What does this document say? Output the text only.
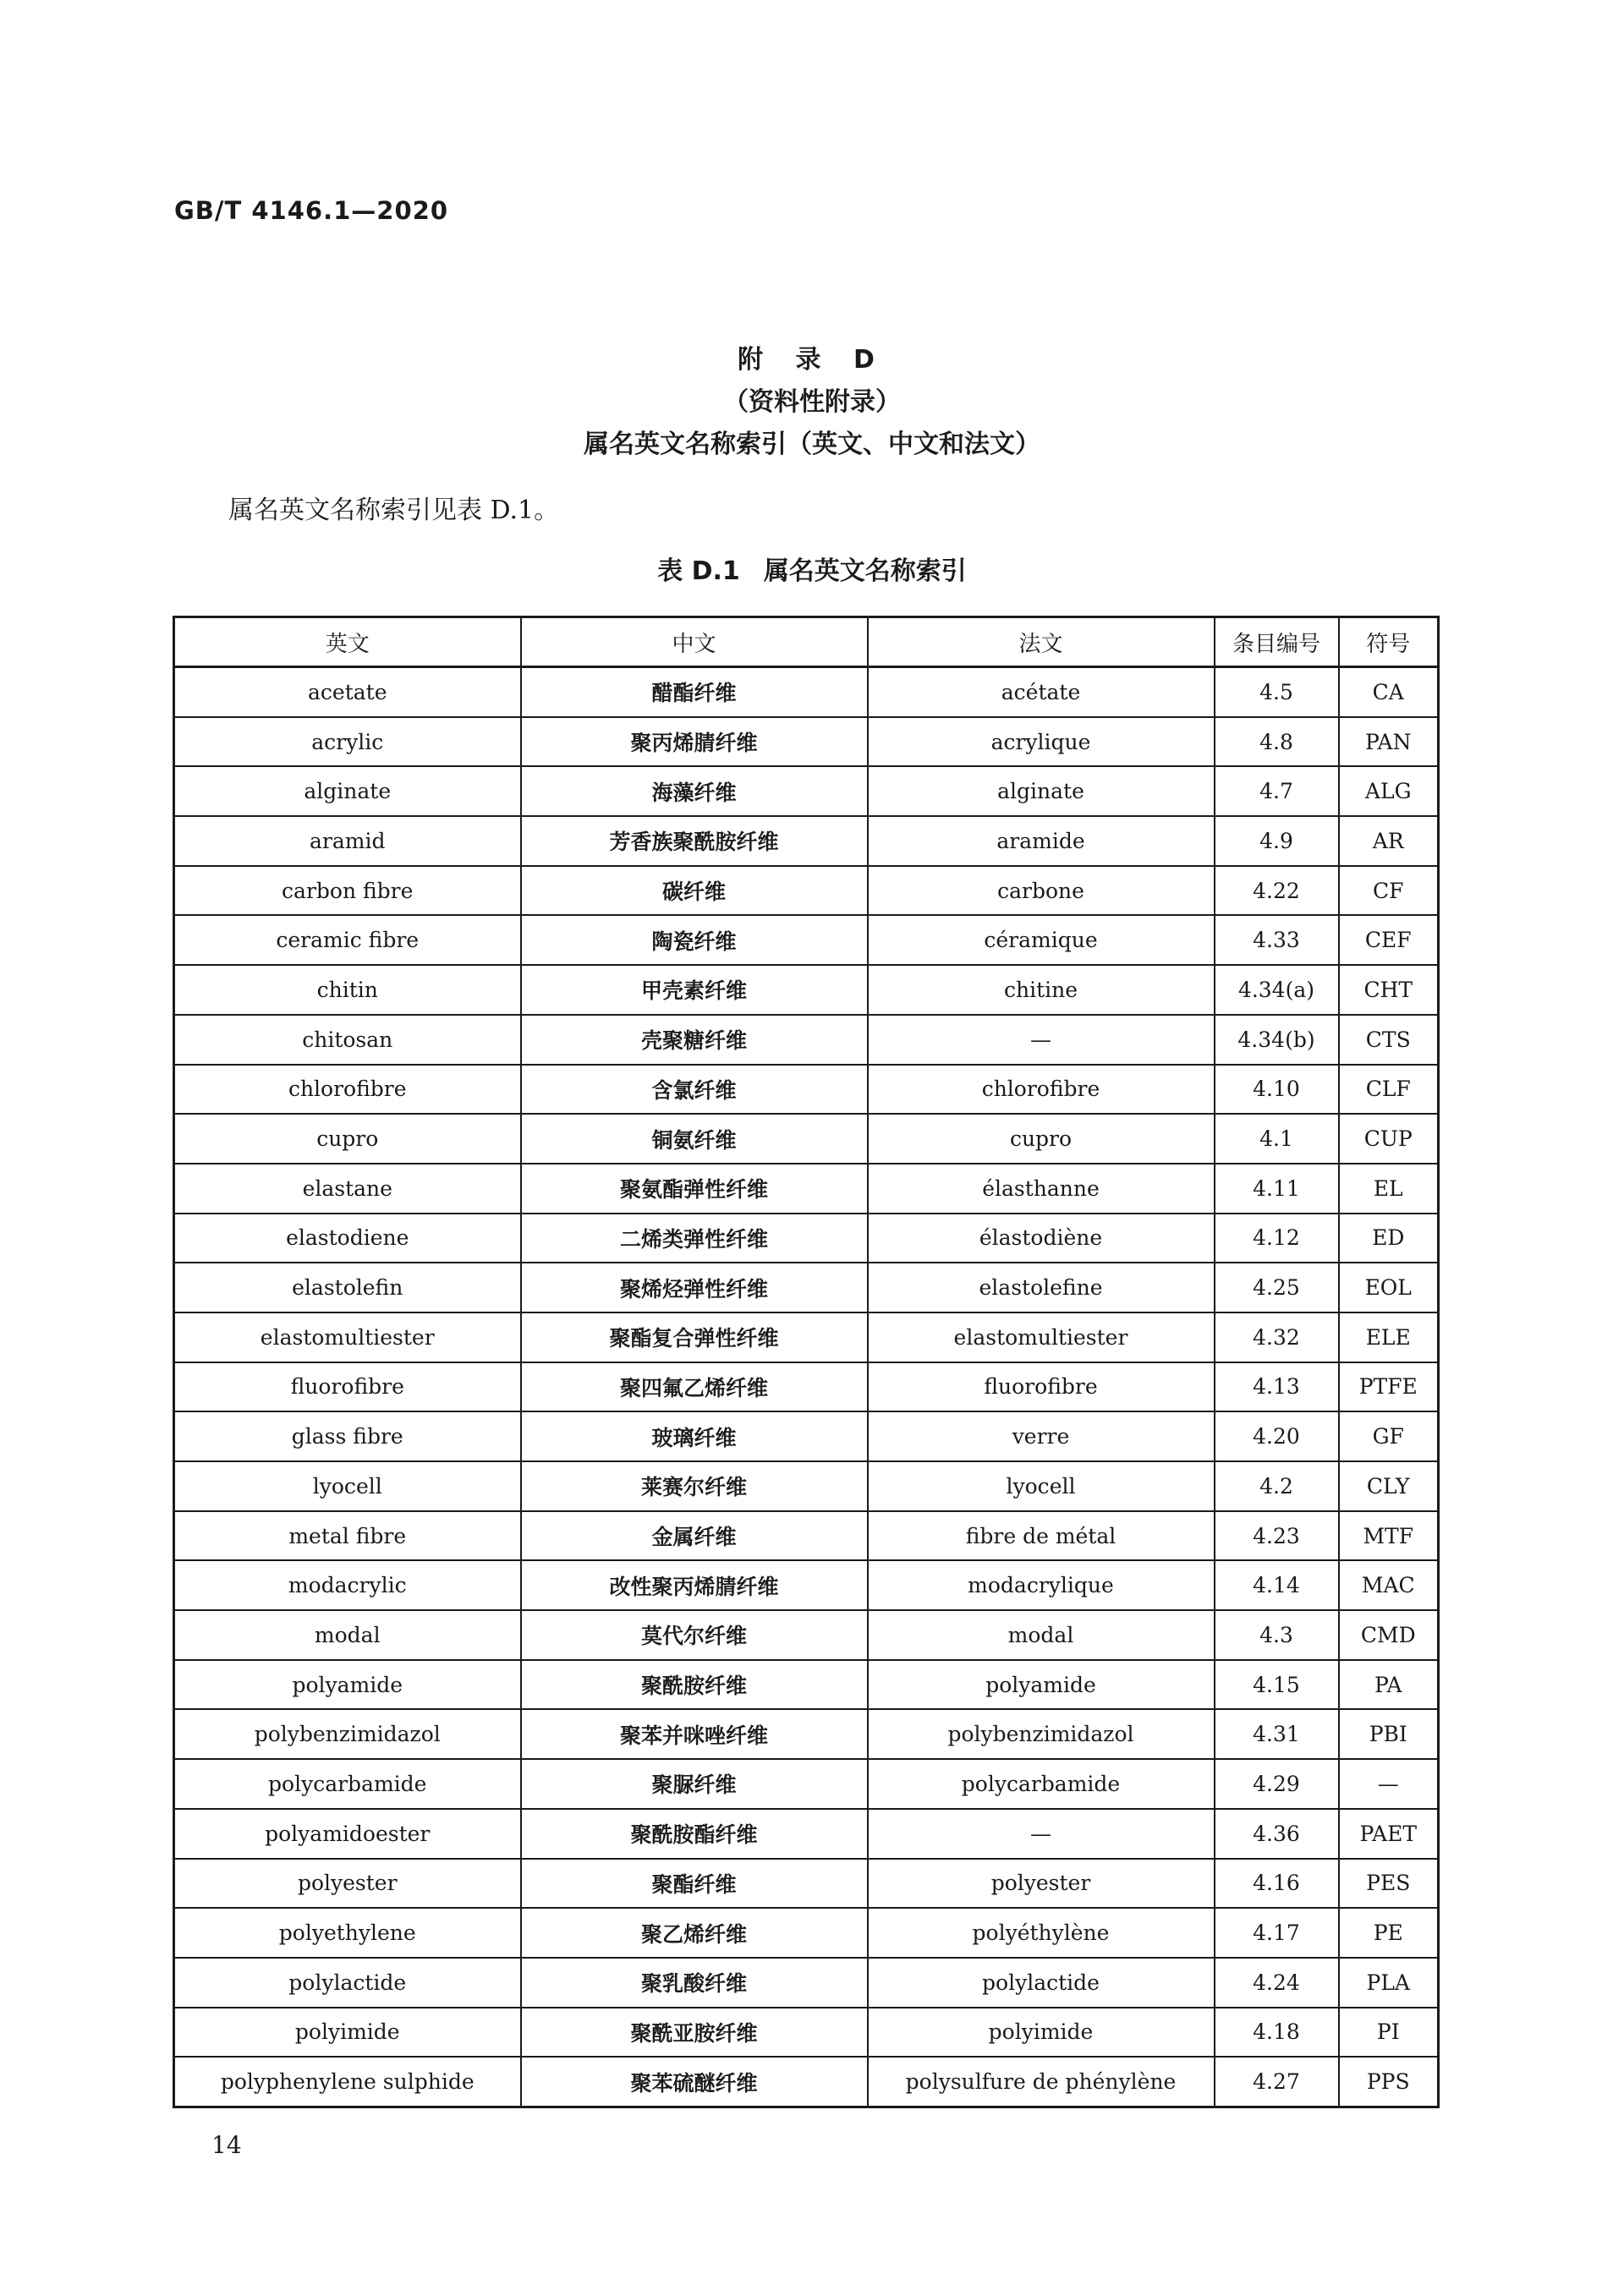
GB/T 4146.1—2020
附 录 D
（资料性附录）
属名英文名称索引（英文、中文和法文）
属名英文名称索引见表 D.1。
表 D.1 属名英文名称索引
英文	中文	法文	条目编号	符号
acetate	醋酯纤维	acétate	4.5	CA
acrylic	聚丙烯腈纤维	acrylique	4.8	PAN
alginate	海藻纤维	alginate	4.7	ALG
aramid	芳香族聚酰胺纤维	aramide	4.9	AR
carbon fibre	碳纤维	carbone	4.22	CF
ceramic fibre	陶瓷纤维	céramique	4.33	CEF
chitin	甲壳素纤维	chitine	4.34(a)	CHT
chitosan	壳聚糖纤维	—	4.34(b)	CTS
chlorofibre	含氯纤维	chlorofibre	4.10	CLF
cupro	铜氨纤维	cupro	4.1	CUP
elastane	聚氨酯弹性纤维	élasthanne	4.11	EL
elastodiene	二烯类弹性纤维	élastodiène	4.12	ED
elastolefin	聚烯烃弹性纤维	elastolefine	4.25	EOL
elastomultiester	聚酯复合弹性纤维	elastomultiester	4.32	ELE
fluorofibre	聚四氟乙烯纤维	fluorofibre	4.13	PTFE
glass fibre	玻璃纤维	verre	4.20	GF
lyocell	莱赛尔纤维	lyocell	4.2	CLY
metal fibre	金属纤维	fibre de métal	4.23	MTF
modacrylic	改性聚丙烯腈纤维	modacrylique	4.14	MAC
modal	莫代尔纤维	modal	4.3	CMD
polyamide	聚酰胺纤维	polyamide	4.15	PA
polybenzimidazol	聚苯并咪唑纤维	polybenzimidazol	4.31	PBI
polycarbamide	聚脲纤维	polycarbamide	4.29	—
polyamidoester	聚酰胺酯纤维	—	4.36	PAET
polyester	聚酯纤维	polyester	4.16	PES
polyethylene	聚乙烯纤维	polyéthylène	4.17	PE
polylactide	聚乳酸纤维	polylactide	4.24	PLA
polyimide	聚酰亚胺纤维	polyimide	4.18	PI
polyphenylene sulphide	聚苯硫醚纤维	polysulfure de phénylène	4.27	PPS
14
